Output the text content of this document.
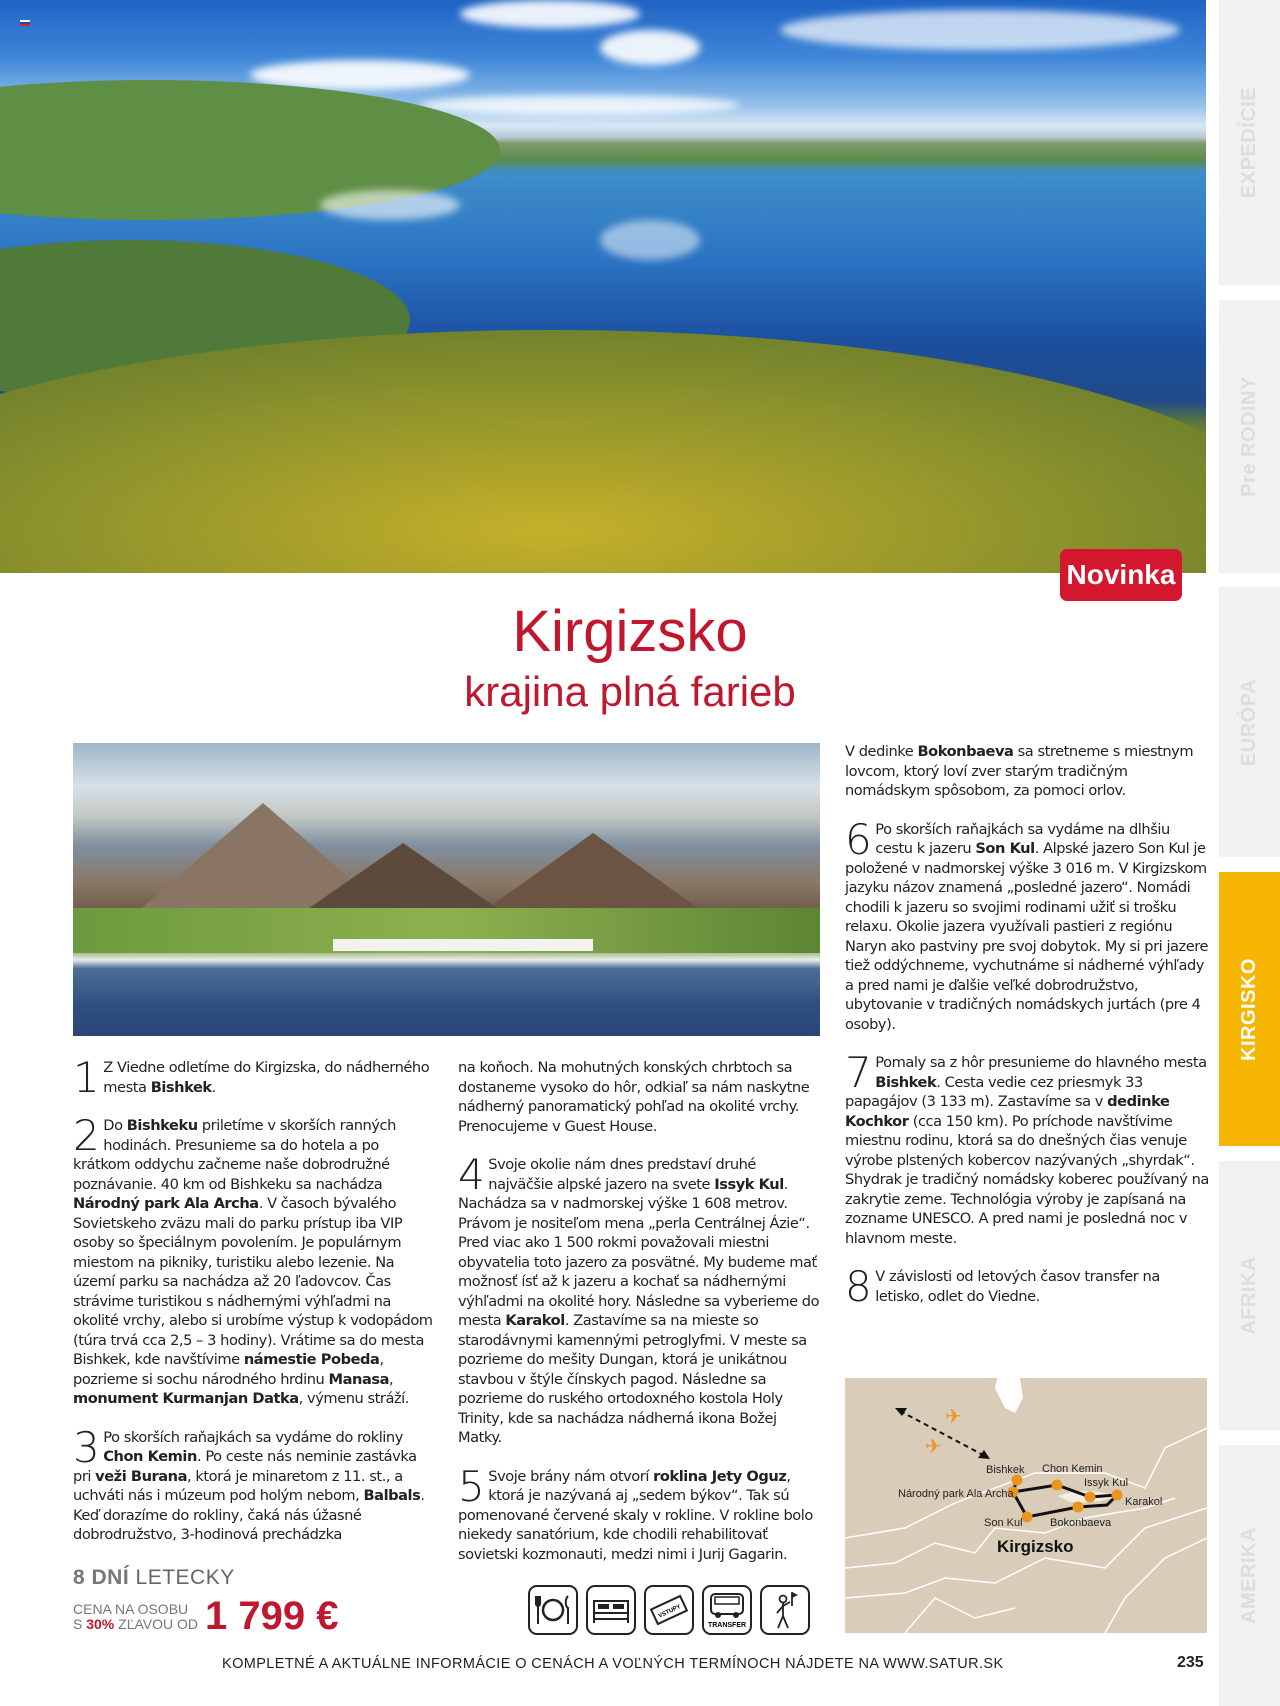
EXPEDÍCIE
Pre RODINY
EURÓPA
KIRGISKO
AFRIKA
AMERIKA
Novinka
Kirgizsko
krajina plná farieb

1 Z Viedne odletíme do Kirgizska, do nádherného mesta Bishkek.

2 Do Bishkeku priletíme v skorších ranných hodinách. Presunieme sa do hotela a po krátkom oddychu začneme naše dobrodružné poznávanie. 40 km od Bishkeku sa nachádza Národný park Ala Archa. V časoch bývalého Sovietskeho zväzu mali do parku prístup iba VIP osoby so špeciálnym povolením. Je populárnym miestom na pikniky, turistiku alebo lezenie. Na území parku sa nachádza až 20 ľadovcov. Čas strávime turistikou s nádhernými výhľadmi na okolité vrchy, alebo si urobíme výstup k vodopádom (túra trvá cca 2,5 – 3 hodiny). Vrátime sa do mesta Bishkek, kde navštívime námestie Pobeda, pozrieme si sochu národného hrdinu Manasa, monument Kurmanjan Datka, výmenu stráží.

3 Po skorších raňajkách sa vydáme do rokliny Chon Kemin. Po ceste nás neminie zastávka pri veži Burana, ktorá je minaretom z 11. st., a uchváti nás i múzeum pod holým nebom, Balbals. Keď dorazíme do rokliny, čaká nás úžasné dobrodružstvo, 3-hodinová prechádzka

na koňoch. Na mohutných konských chrbtoch sa dostaneme vysoko do hôr, odkiaľ sa nám naskytne nádherný panoramatický pohľad na okolité vrchy. Prenocujeme v Guest House.

4 Svoje okolie nám dnes predstaví druhé najväčšie alpské jazero na svete Issyk Kul. Nachádza sa v nadmorskej výške 1 608 metrov. Právom je nositeľom mena „perla Centrálnej Ázie“. Pred viac ako 1 500 rokmi považovali miestni obyvatelia toto jazero za posvätné. My budeme mať možnosť ísť až k jazeru a kochať sa nádhernými výhľadmi na okolité hory. Následne sa vyberieme do mesta Karakol. Zastavíme sa na mieste so starodávnymi kamennými petroglyfmi. V meste sa pozrieme do mešity Dungan, ktorá je unikátnou stavbou v štýle čínskych pagod. Následne sa pozrieme do ruského ortodoxného kostola Holy Trinity, kde sa nachádza nádherná ikona Božej Matky.

5 Svoje brány nám otvorí roklina Jety Oguz, ktorá je nazývaná aj „sedem býkov“. Tak sú pomenované červené skaly v rokline. V rokline bolo niekedy sanatórium, kde chodili rehabilitovať sovietski kozmonauti, medzi nimi i Jurij Gagarin.

V dedinke Bokonbaeva sa stretneme s miestnym lovcom, ktorý loví zver starým tradičným nomádskym spôsobom, za pomoci orlov.

6 Po skorších raňajkách sa vydáme na dlhšiu cestu k jazeru Son Kul. Alpské jazero Son Kul je položené v nadmorskej výške 3 016 m. V Kirgizskom jazyku názov znamená „posledné jazero“. Nomádi chodili k jazeru so svojimi rodinami užiť si trošku relaxu. Okolie jazera využívali pastieri z regiónu Naryn ako pastviny pre svoj dobytok. My si pri jazere tiež oddýchneme, vychutnáme si nádherné výhľady a pred nami je ďalšie veľké dobrodružstvo, ubytovanie v tradičných nomádskych jurtách (pre 4 osoby).

7 Pomaly sa z hôr presunieme do hlavného mesta Bishkek. Cesta vedie cez priesmyk 33 papagájov (3 133 m). Zastavíme sa v dedinke Kochkor (cca 150 km). Po príchode navštívime miestnu rodinu, ktorá sa do dnešných čias venuje výrobe plstených kobercov nazývaných „shyrdak“. Shydrak je tradičný nomádsky koberec používaný na zakrytie zeme. Technológia výroby je zapísaná na zozname UNESCO. A pred nami je posledná noc v hlavnom meste.

8 V závislosti od letových časov transfer na letisko, odlet do Viedne.

✈
✈
Bishkek
Národný park Ala Archa
Chon Kemin
Issyk Kul
Karakol
Bokonbaeva
Son Kul
Kirgizsko
8 DNÍ LETECKY
CENA NA OSOBU
S 30% ZĽAVOU OD 1 799 €	VSTUPY
TRANSFER
KOMPLETNÉ A AKTUÁLNE INFORMÁCIE O CENÁCH A VOĽNÝCH TERMÍNOCH NÁJDETE NA WWW.SATUR.SK	235
